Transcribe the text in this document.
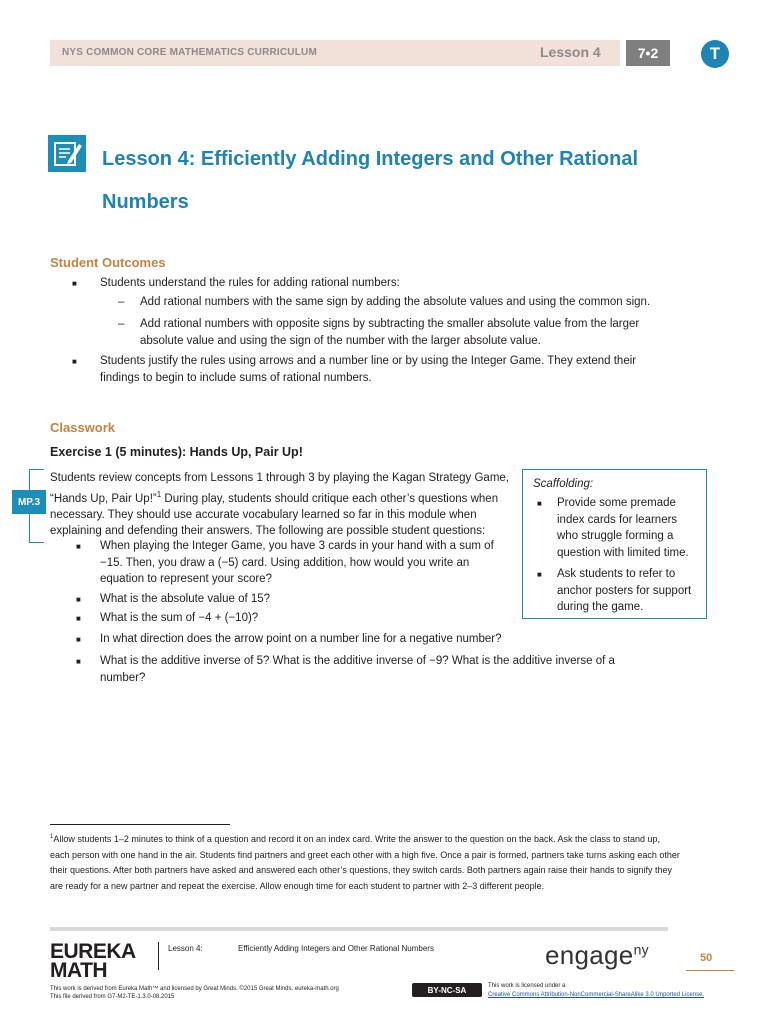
NYS COMMON CORE MATHEMATICS CURRICULUM	Lesson 4	7•2	T
Lesson 4: Efficiently Adding Integers and Other Rational Numbers
Student Outcomes
■ Students understand the rules for adding rational numbers:
– Add rational numbers with the same sign by adding the absolute values and using the common sign.
– Add rational numbers with opposite signs by subtracting the smaller absolute value from the larger absolute value and using the sign of the number with the larger absolute value.
■ Students justify the rules using arrows and a number line or by using the Integer Game. They extend their findings to begin to include sums of rational numbers.
Classwork
Exercise 1 (5 minutes): Hands Up, Pair Up!
MP.3
Students review concepts from Lessons 1 through 3 by playing the Kagan Strategy Game, “Hands Up, Pair Up!”$^1$ During play, students should critique each other’s questions when necessary. They should use accurate vocabulary learned so far in this module when explaining and defending their answers. The following are possible student questions:
■ When playing the Integer Game, you have 3 cards in your hand with a sum of −15. Then, you draw a (−5) card. Using addition, how would you write an equation to represent your score?
■ What is the absolute value of 15?
■ What is the sum of −4 + (−10)?
■ In what direction does the arrow point on a number line for a negative number?
■ What is the additive inverse of 5? What is the additive inverse of −9? What is the additive inverse of a number?
Scaffolding:
■ Provide some premade index cards for learners who struggle forming a question with limited time.
■ Ask students to refer to anchor posters for support during the game.
$^1$Allow students 1–2 minutes to think of a question and record it on an index card. Write the answer to the question on the back. Ask the class to stand up, each person with one hand in the air. Students find partners and greet each other with a high five. Once a pair is formed, partners take turns asking each other their questions. After both partners have asked and answered each other’s questions, they switch cards. Both partners again raise their hands to signify they are ready for a new partner and repeat the exercise. Allow enough time for each student to partner with 2–3 different people.
EUREKA
MATH
Lesson 4:	Efficiently Adding Integers and Other Rational Numbers	engage$^{ny}$
50
This work is derived from Eureka Math™ and licensed by Great Minds. ©2015 Great Minds. eureka-math.org
This file derived from G7-M2-TE-1.3.0-08.2015
BY-NC-SA	This work is licensed under a
Creative Commons Attribution-NonCommercial-ShareAlike 3.0 Unported License.
